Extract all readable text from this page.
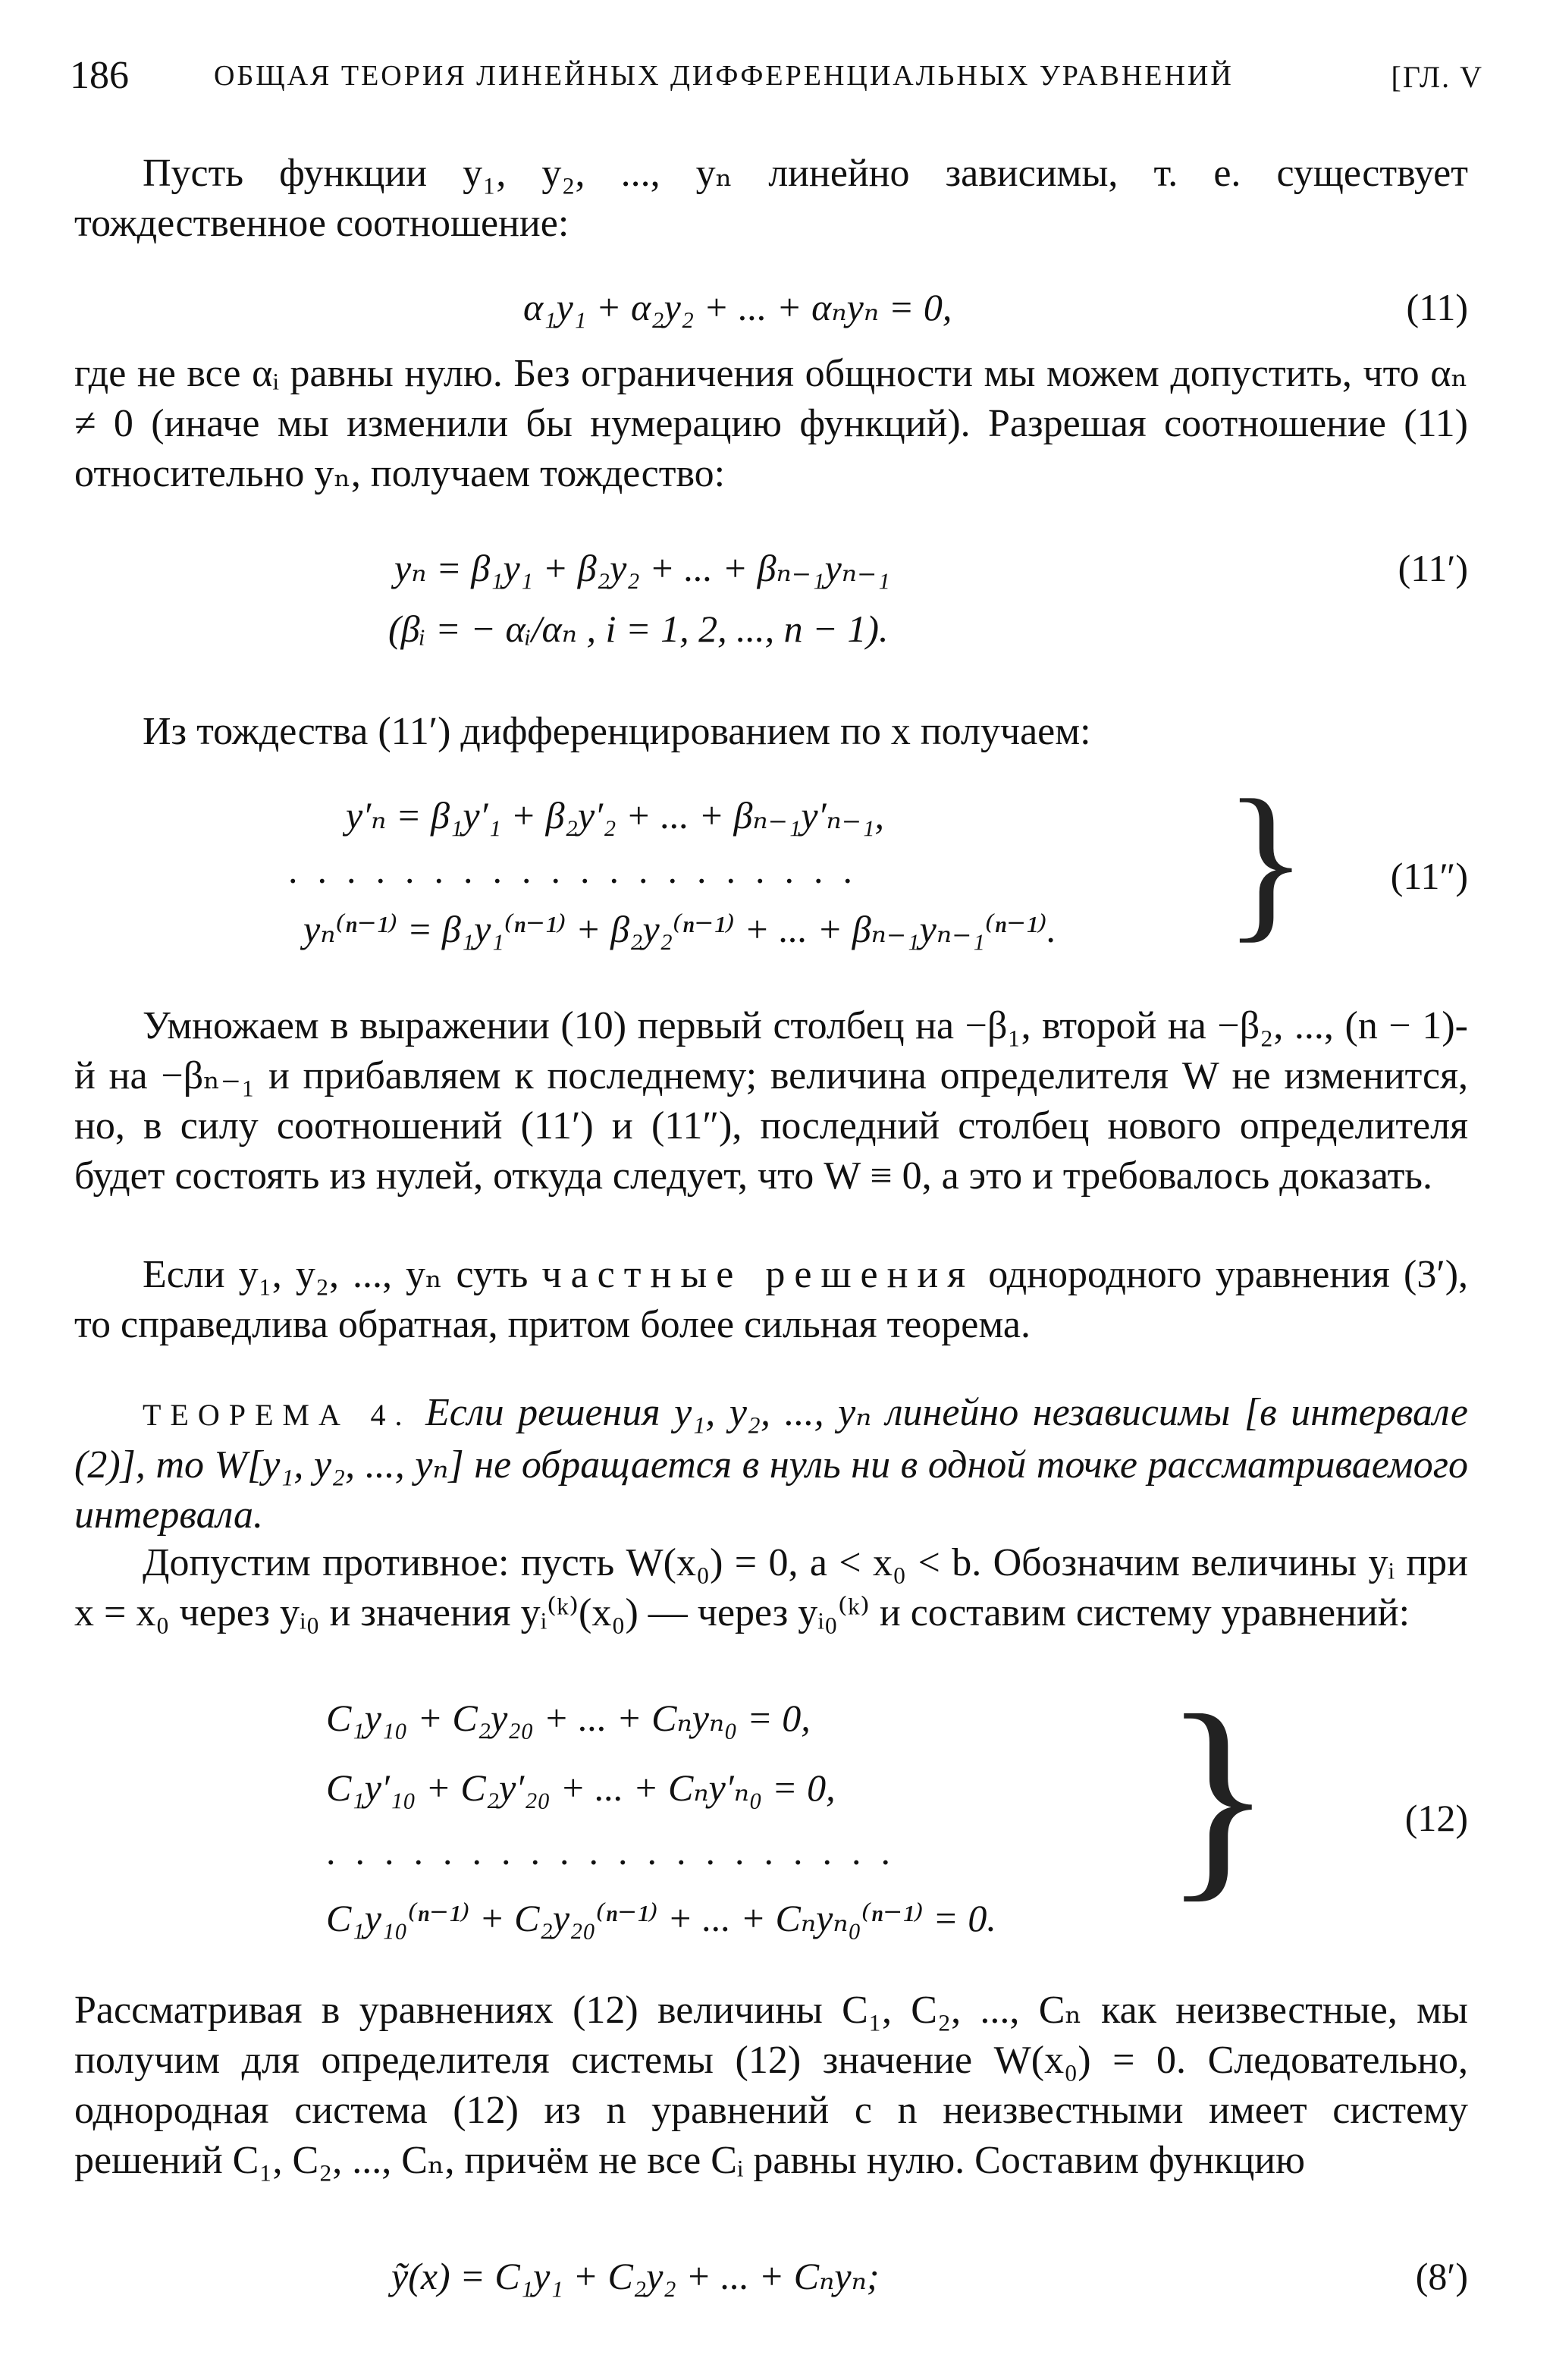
186	ОБЩАЯ ТЕОРИЯ ЛИНЕЙНЫХ ДИФФЕРЕНЦИАЛЬНЫХ УРАВНЕНИЙ	[ГЛ. V
Пусть функции y₁, y₂, ..., yₙ линейно зависимы, т. е. существует тождественное соотношение:
α₁y₁ + α₂y₂ + ... + αₙyₙ = 0,	(11)
где не все αᵢ равны нулю. Без ограничения общности мы можем допустить, что αₙ ≠ 0 (иначе мы изменили бы нумерацию функций). Разрешая соотношение (11) относительно yₙ, получаем тождество:
yₙ = β₁y₁ + β₂y₂ + ... + βₙ₋₁yₙ₋₁	(11′)
(βᵢ = − αᵢ/αₙ , i = 1, 2, ..., n − 1).
Из тождества (11′) дифференцированием по x получаем:
y′ₙ = β₁y′₁ + β₂y′₂ + ... + βₙ₋₁y′ₙ₋₁,
....................
yₙ⁽ⁿ⁻¹⁾ = β₁y₁⁽ⁿ⁻¹⁾ + β₂y₂⁽ⁿ⁻¹⁾ + ... + βₙ₋₁yₙ₋₁⁽ⁿ⁻¹⁾. } (11″)
Умножаем в выражении (10) первый столбец на −β₁, второй на −β₂, ..., (n − 1)-й на −βₙ₋₁ и прибавляем к последнему; величина определителя W не изменится, но, в силу соотношений (11′) и (11″), последний столбец нового определителя будет состоять из нулей, откуда следует, что W ≡ 0, а это и требовалось доказать.
Если y₁, y₂, ..., yₙ суть частные решения однородного уравнения (3′), то справедлива обратная, притом более сильная теорема.
ТЕОРЕМА 4. Если решения y₁, y₂, ..., yₙ линейно независимы [в интервале (2)], то W[y₁, y₂, ..., yₙ] не обращается в нуль ни в одной точке рассматриваемого интервала.
Допустим противное: пусть W(x₀) = 0, a < x₀ < b. Обозначим величины yᵢ при x = x₀ через yᵢ₀ и значения yᵢ⁽ᵏ⁾(x₀) — через yᵢ₀⁽ᵏ⁾ и составим систему уравнений:
C₁y₁₀ + C₂y₂₀ + ... + Cₙyₙ₀ = 0,
C₁y′₁₀ + C₂y′₂₀ + ... + Cₙy′ₙ₀ = 0,
....................
C₁y₁₀⁽ⁿ⁻¹⁾ + C₂y₂₀⁽ⁿ⁻¹⁾ + ... + Cₙyₙ₀⁽ⁿ⁻¹⁾ = 0. }	(12)
Рассматривая в уравнениях (12) величины C₁, C₂, ..., Cₙ как неизвестные, мы получим для определителя системы (12) значение W(x₀) = 0. Следовательно, однородная система (12) из n уравнений с n неизвестными имеет систему решений C₁, C₂, ..., Cₙ, причём не все Cᵢ равны нулю. Составим функцию
ỹ(x) = C₁y₁ + C₂y₂ + ... + Cₙyₙ;	(8′)
